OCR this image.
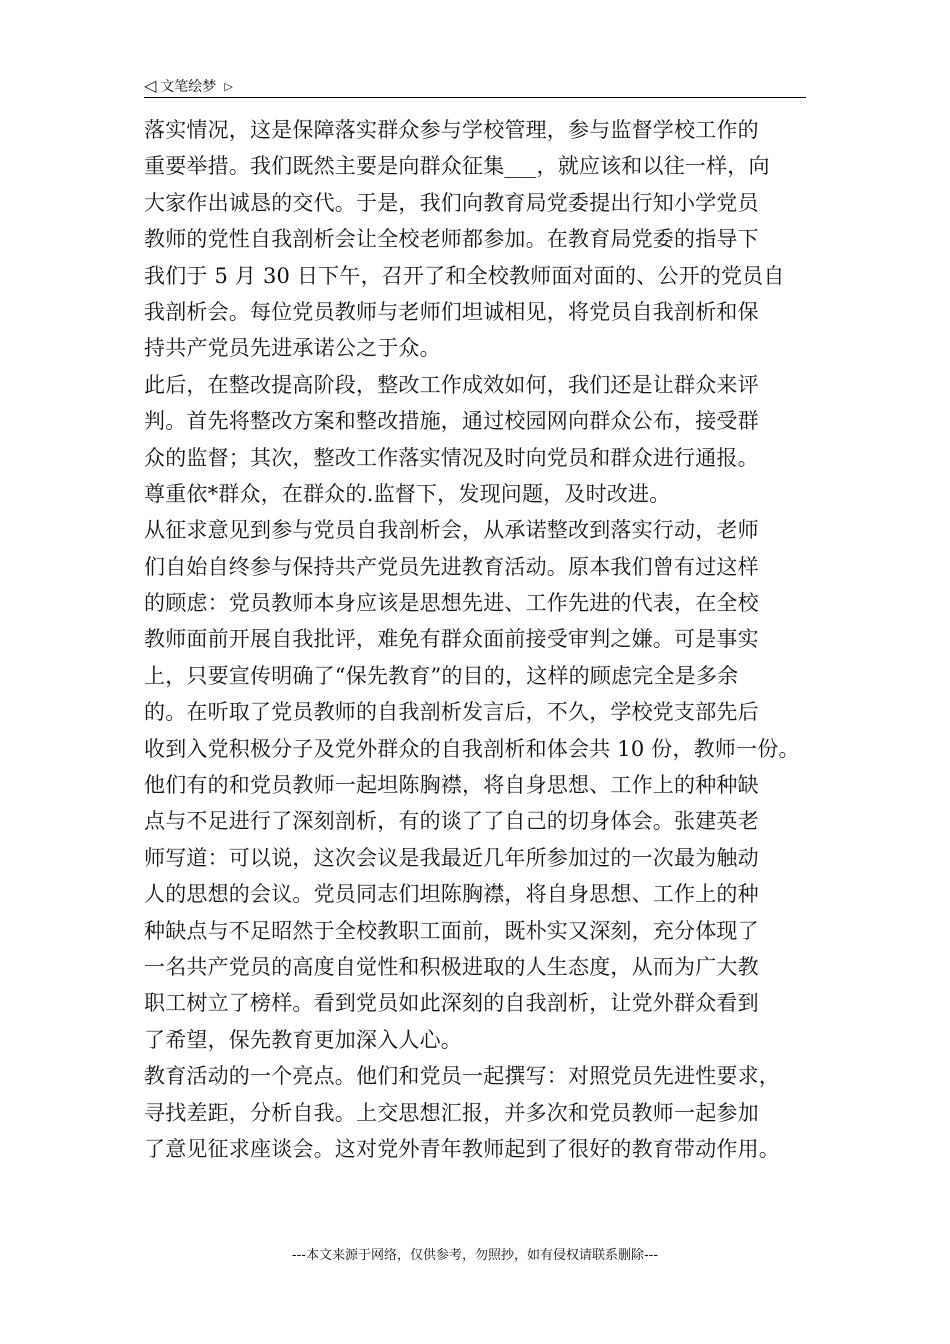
◁ 文笔绘梦 ▷
落实情况，这是保障落实群众参与学校管理，参与监督学校工作的
重要举措。我们既然主要是向群众征集___，就应该和以往一样，向
大家作出诚恳的交代。于是，我们向教育局党委提出行知小学党员
教师的党性自我剖析会让全校老师都参加。在教育局党委的指导下
我们于 5 月 30 日下午，召开了和全校教师面对面的、公开的党员自
我剖析会。每位党员教师与老师们坦诚相见，将党员自我剖析和保
持共产党员先进承诺公之于众。
此后，在整改提高阶段，整改工作成效如何，我们还是让群众来评
判。首先将整改方案和整改措施，通过校园网向群众公布，接受群
众的监督；其次，整改工作落实情况及时向党员和群众进行通报。
尊重依*群众，在群众的.监督下，发现问题，及时改进。
从征求意见到参与党员自我剖析会，从承诺整改到落实行动，老师
们自始自终参与保持共产党员先进教育活动。原本我们曾有过这样
的顾虑：党员教师本身应该是思想先进、工作先进的代表，在全校
教师面前开展自我批评，难免有群众面前接受审判之嫌。可是事实
上，只要宣传明确了“保先教育”的目的，这样的顾虑完全是多余
的。在听取了党员教师的自我剖析发言后，不久，学校党支部先后
收到入党积极分子及党外群众的自我剖析和体会共 10 份，教师一份。
他们有的和党员教师一起坦陈胸襟，将自身思想、工作上的种种缺
点与不足进行了深刻剖析，有的谈了了自己的切身体会。张建英老
师写道：可以说，这次会议是我最近几年所参加过的一次最为触动
人的思想的会议。党员同志们坦陈胸襟，将自身思想、工作上的种
种缺点与不足昭然于全校教职工面前，既朴实又深刻，充分体现了
一名共产党员的高度自觉性和积极进取的人生态度，从而为广大教
职工树立了榜样。看到党员如此深刻的自我剖析，让党外群众看到
了希望，保先教育更加深入人心。
教育活动的一个亮点。他们和党员一起撰写：对照党员先进性要求，
寻找差距，分析自我。上交思想汇报，并多次和党员教师一起参加
了意见征求座谈会。这对党外青年教师起到了很好的教育带动作用。
---本文来源于网络，仅供参考，勿照抄，如有侵权请联系删除---
